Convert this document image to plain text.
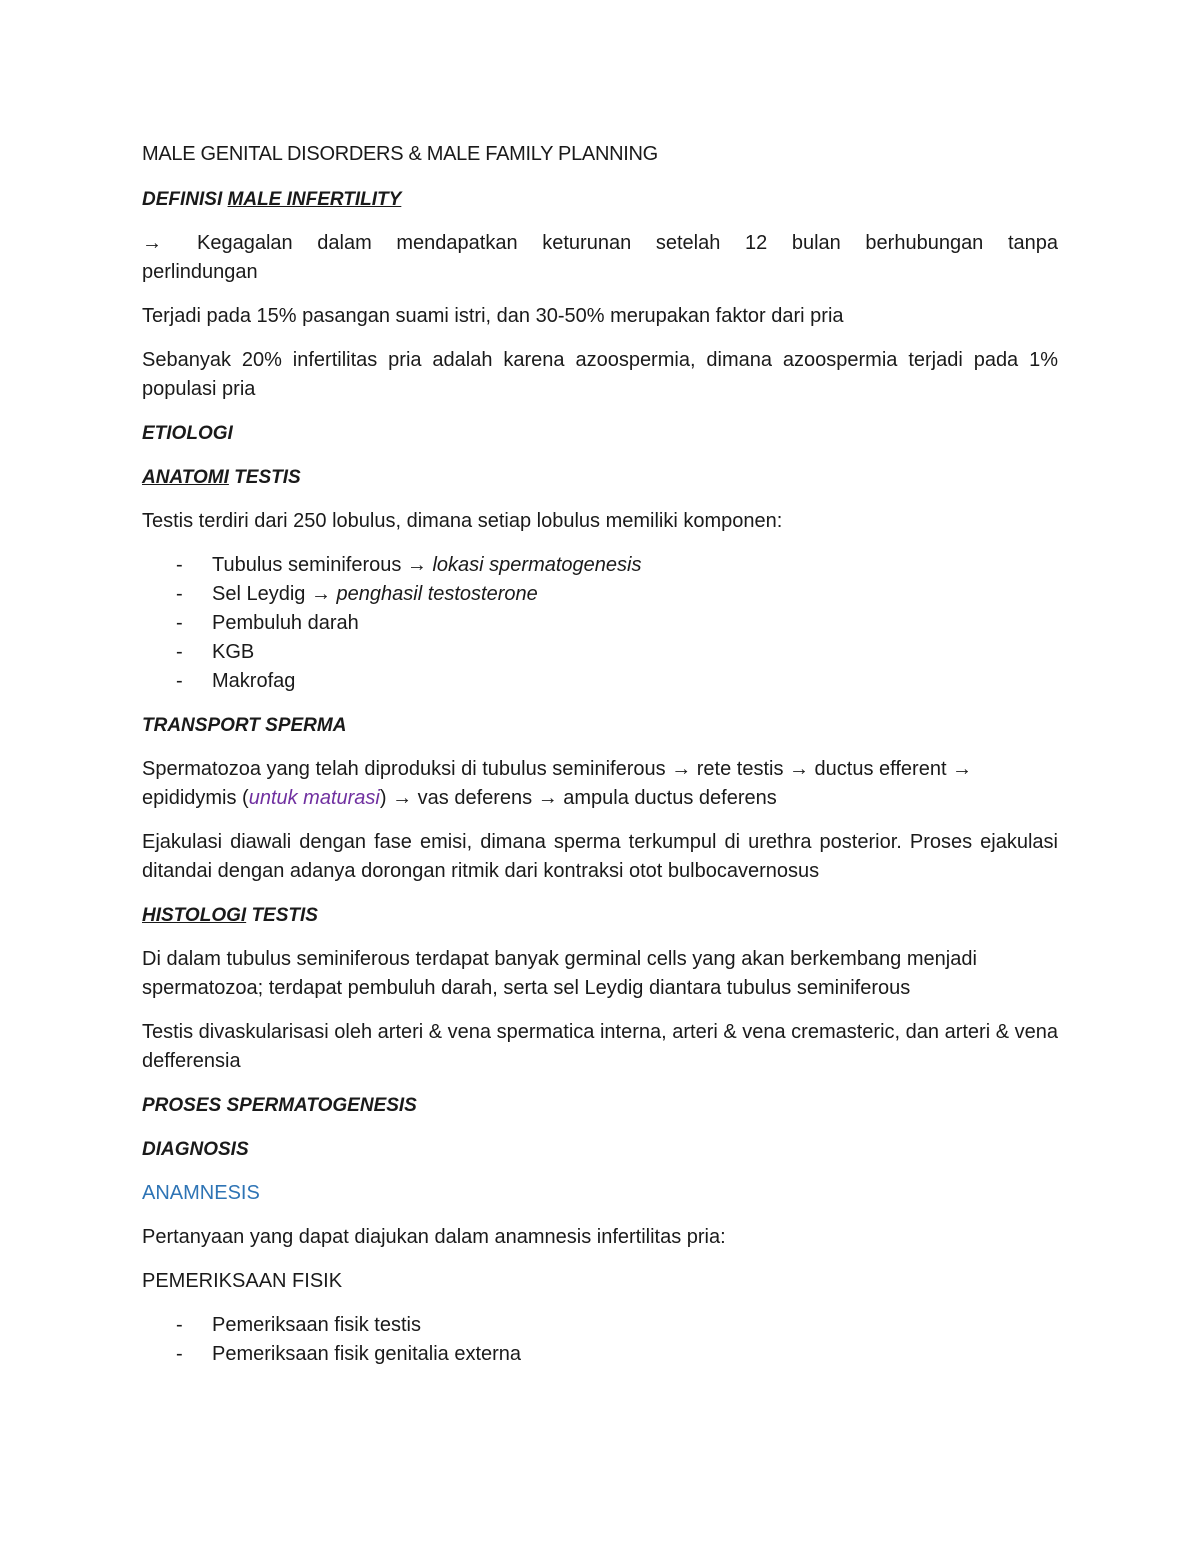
MALE GENITAL DISORDERS & MALE FAMILY PLANNING

DEFINISI MALE INFERTILITY

→	Kegagalan dalam mendapatkan keturunan setelah 12 bulan berhubungan tanpa
perlindungan

Terjadi pada 15% pasangan suami istri, dan 30-50% merupakan faktor dari pria

Sebanyak 20% infertilitas pria adalah karena azoospermia, dimana azoospermia terjadi pada 1% populasi pria

ETIOLOGI

ANATOMI TESTIS

Testis terdiri dari 250 lobulus, dimana setiap lobulus memiliki komponen:

- Tubulus seminiferous → lokasi spermatogenesis
- Sel Leydig → penghasil testosterone
- Pembuluh darah
- KGB
- Makrofag

TRANSPORT SPERMA

Spermatozoa yang telah diproduksi di tubulus seminiferous → rete testis → ductus efferent → epididymis (untuk maturasi) → vas deferens → ampula ductus deferens

Ejakulasi diawali dengan fase emisi, dimana sperma terkumpul di urethra posterior. Proses ejakulasi ditandai dengan adanya dorongan ritmik dari kontraksi otot bulbocavernosus

HISTOLOGI TESTIS

Di dalam tubulus seminiferous terdapat banyak germinal cells yang akan berkembang menjadi spermatozoa; terdapat pembuluh darah, serta sel Leydig diantara tubulus seminiferous

Testis divaskularisasi oleh arteri & vena spermatica interna, arteri & vena cremasteric, dan arteri & vena defferensia

PROSES SPERMATOGENESIS

DIAGNOSIS

ANAMNESIS

Pertanyaan yang dapat diajukan dalam anamnesis infertilitas pria:

PEMERIKSAAN FISIK

- Pemeriksaan fisik testis
- Pemeriksaan fisik genitalia externa
